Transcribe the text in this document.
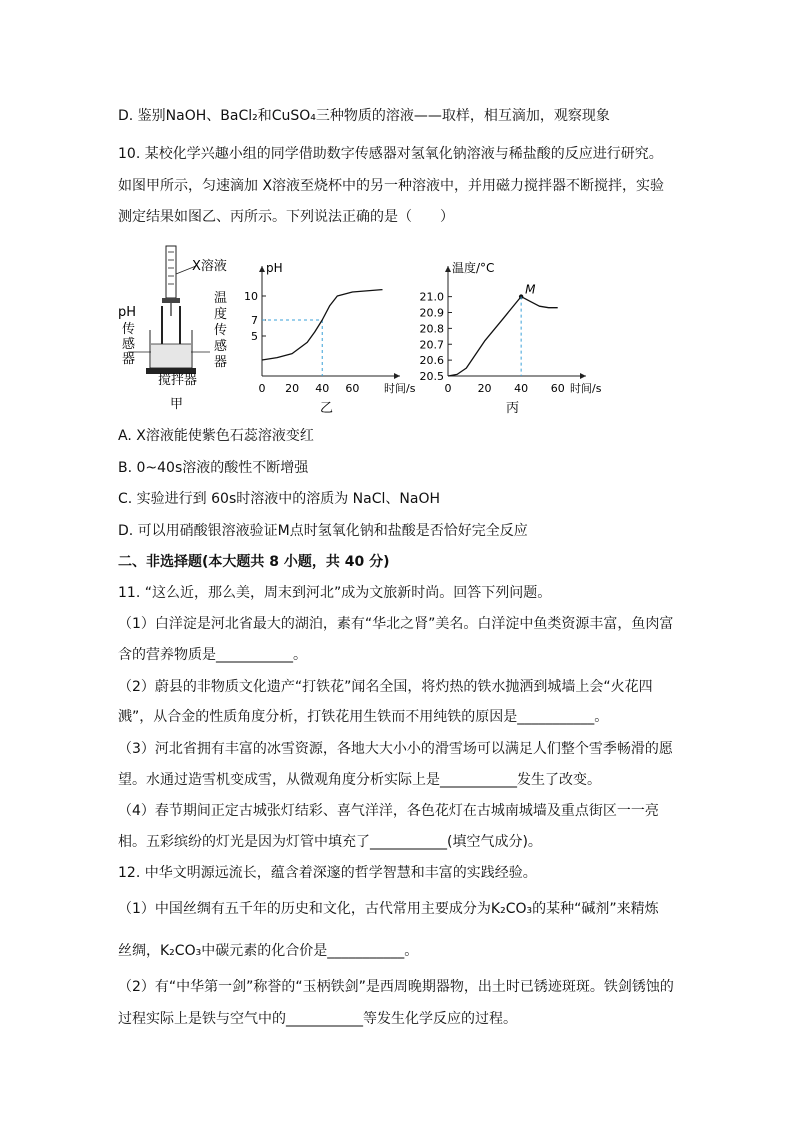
D. 鉴别NaOH、BaCl₂和CuSO₄三种物质的溶液——取样，相互滴加，观察现象
10. 某校化学兴趣小组的同学借助数字传感器对氢氧化钠溶液与稀盐酸的反应进行研究。
如图甲所示，匀速滴加 X溶液至烧杯中的另一种溶液中，并用磁力搅拌器不断搅拌，实验
测定结果如图乙、丙所示。下列说法正确的是（　　）
X溶液
搅拌器
pH
传
感
器
温
度
传
感
器
甲
0 20 40 60
5
7
10
pH
时间/s
乙
0 20 40 60
20.5
20.6
20.7
20.8
20.9
21.0
温度/°C
时间/s
丙
M
A. X溶液能使紫色石蕊溶液变红
B. 0~40s溶液的酸性不断增强
C. 实验进行到 60s时溶液中的溶质为 NaCl、NaOH
D. 可以用硝酸银溶液验证M点时氢氧化钠和盐酸是否恰好完全反应
二、非选择题(本大题共 8 小题，共 40 分)
11. “这么近，那么美，周末到河北”成为文旅新时尚。回答下列问题。
（1）白洋淀是河北省最大的湖泊，素有“华北之肾”美名。白洋淀中鱼类资源丰富，鱼肉富
含的营养物质是___________。
（2）蔚县的非物质文化遗产“打铁花”闻名全国，将灼热的铁水抛洒到城墙上会“火花四
溅”，从合金的性质角度分析，打铁花用生铁而不用纯铁的原因是___________。
（3）河北省拥有丰富的冰雪资源，各地大大小小的滑雪场可以满足人们整个雪季畅滑的愿
望。水通过造雪机变成雪，从微观角度分析实际上是___________发生了改变。
（4）春节期间正定古城张灯结彩、喜气洋洋，各色花灯在古城南城墙及重点街区一一亮
相。五彩缤纷的灯光是因为灯管中填充了___________(填空气成分)。
12. 中华文明源远流长，蕴含着深邃的哲学智慧和丰富的实践经验。
（1）中国丝绸有五千年的历史和文化，古代常用主要成分为K₂CO₃的某种“碱剂”来精炼
丝绸，K₂CO₃中碳元素的化合价是___________。
（2）有“中华第一剑”称誉的“玉柄铁剑”是西周晚期器物，出土时已锈迹斑斑。铁剑锈蚀的
过程实际上是铁与空气中的___________等发生化学反应的过程。
